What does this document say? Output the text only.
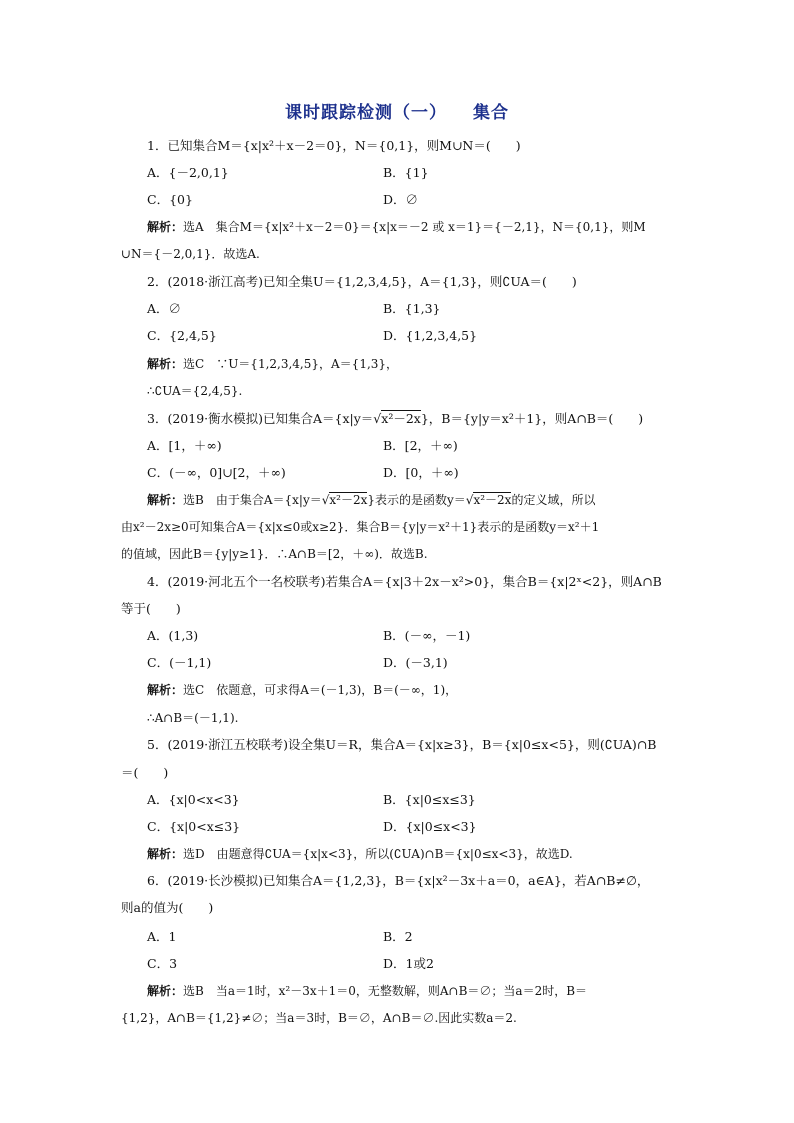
课时跟踪检测（一） 集合
1．已知集合M＝{x|x²＋x－2＝0}，N＝{0,1}，则M∪N＝(　　)
A．{－2,0,1}	B．{1}
C．{0}	D．∅
解析：选A　集合M＝{x|x²＋x－2＝0}＝{x|x＝－2 或 x＝1}＝{－2,1}，N＝{0,1}，则M
∪N＝{－2,0,1}．故选A.
2．(2018·浙江高考)已知全集U＝{1,2,3,4,5}，A＝{1,3}，则∁UA＝(　　)
A．∅	B．{1,3}
C．{2,4,5}	D．{1,2,3,4,5}
解析：选C　∵U＝{1,2,3,4,5}，A＝{1,3}，
∴∁UA＝{2,4,5}.
3．(2019·衡水模拟)已知集合A＝{x|y＝√x²－2x}，B＝{y|y＝x²＋1}，则A∩B＝(　　)
A．[1，＋∞)	B．[2，＋∞)
C．(－∞，0]∪[2，＋∞)	D．[0，＋∞)
解析：选B　由于集合A＝{x|y＝√x²－2x}表示的是函数y＝√x²－2x的定义域，所以
由x²－2x≥0可知集合A＝{x|x≤0或x≥2}．集合B＝{y|y＝x²＋1}表示的是函数y＝x²＋1
的值域，因此B＝{y|y≥1}．∴A∩B＝[2，＋∞)．故选B.
4．(2019·河北五个一名校联考)若集合A＝{x|3＋2x－x²>0}，集合B＝{x|2ˣ<2}，则A∩B
等于(　　)
A．(1,3)	B．(－∞，－1)
C．(－1,1)	D．(－3,1)
解析：选C　依题意，可求得A＝(－1,3)，B＝(－∞，1)，
∴A∩B＝(－1,1).
5．(2019·浙江五校联考)设全集U＝R，集合A＝{x|x≥3}，B＝{x|0≤x<5}，则(∁UA)∩B
＝(　　)
A．{x|0<x<3}	B．{x|0≤x≤3}
C．{x|0<x≤3}	D．{x|0≤x<3}
解析：选D　由题意得∁UA＝{x|x<3}，所以(∁UA)∩B＝{x|0≤x<3}，故选D.
6．(2019·长沙模拟)已知集合A＝{1,2,3}，B＝{x|x²－3x＋a＝0，a∈A}，若A∩B≠∅，
则a的值为(　　)
A．1	B．2
C．3	D．1或2
解析：选B　当a＝1时，x²－3x＋1＝0，无整数解，则A∩B＝∅；当a＝2时，B＝
{1,2}，A∩B＝{1,2}≠∅；当a＝3时，B＝∅，A∩B＝∅.因此实数a＝2.
